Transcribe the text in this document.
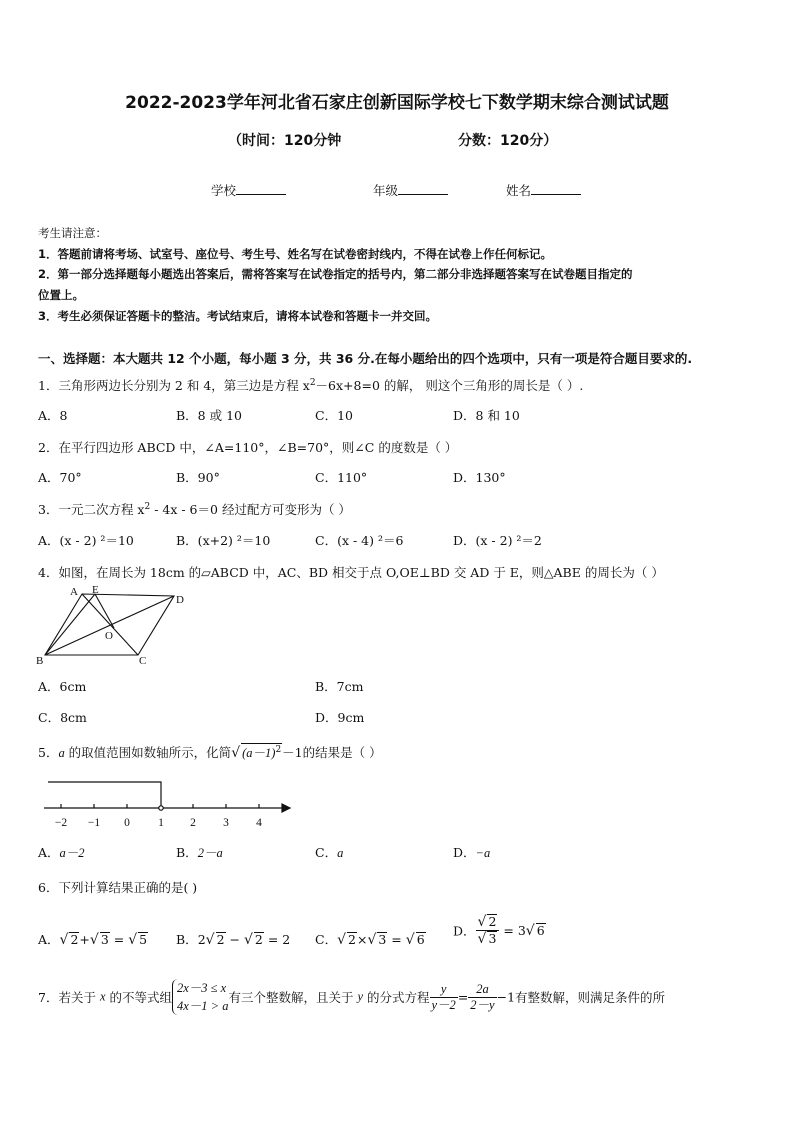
2022-2023学年河北省石家庄创新国际学校七下数学期末综合测试试题
（时间：120分钟	分数：120分）
学校	年级	姓名
考生请注意：
1．答题前请将考场、试室号、座位号、考生号、姓名写在试卷密封线内，不得在试卷上作任何标记。
2．第一部分选择题每小题选出答案后，需将答案写在试卷指定的括号内，第二部分非选择题答案写在试卷题目指定的
位置上。
3．考生必须保证答题卡的整洁。考试结束后，请将本试卷和答题卡一并交回。
一、选择题：本大题共 12 个小题，每小题 3 分，共 36 分.在每小题给出的四个选项中，只有一项是符合题目要求的.
1．三角形两边长分别为 2 和 4，第三边是方程 $x^2-6x+8=0$ 的解， 则这个三角形的周长是（ ）.
A．8	B．8 或 10	C．10	D．8 和 10
2．在平行四边形 ABCD 中，∠A=110°，∠B=70°，则∠C 的度数是（ ）
A．70°	B．90°	C．110°	D．130°
3．一元二次方程 $x^2 - 4x - 6=0$ 经过配方可变形为（ ）
A．(x - 2) ²＝10	B．(x+2) ²＝10	C．(x - 4) ²＝6	D．(x - 2) ²＝2
4．如图，在周长为 18cm 的▱ABCD 中，AC、BD 相交于点 O,OE⊥BD 交 AD 于 E，则△ABE 的周长为（ ）
A E
D
O
B	C
A．6cm	B．7cm
C．8cm	D．9cm
5．a 的取值范围如数轴所示，化简√ $(a-1)^2-1$的结果是（ ）
−2 −1 0 1 2 3 4
A．a－2	B．2－a	C．a	D．−a
6．下列计算结果正确的是( )
A．√ 2+√ 3 = √ 5 B．2√ 2 − √ 2 = 2 C．√ 2×√ 3 = √ 6
D． $\frac{√ 2}{√ 3} = 3√$ 6
7．若关于 x 的不等式组
2x－3 ≤ x
4x－1 > a
有三个整数解，且关于 y 的分式方程 $\frac{y}{y-2} = \frac{2a}{2-y} -1$有整数解，则满足条件的所
